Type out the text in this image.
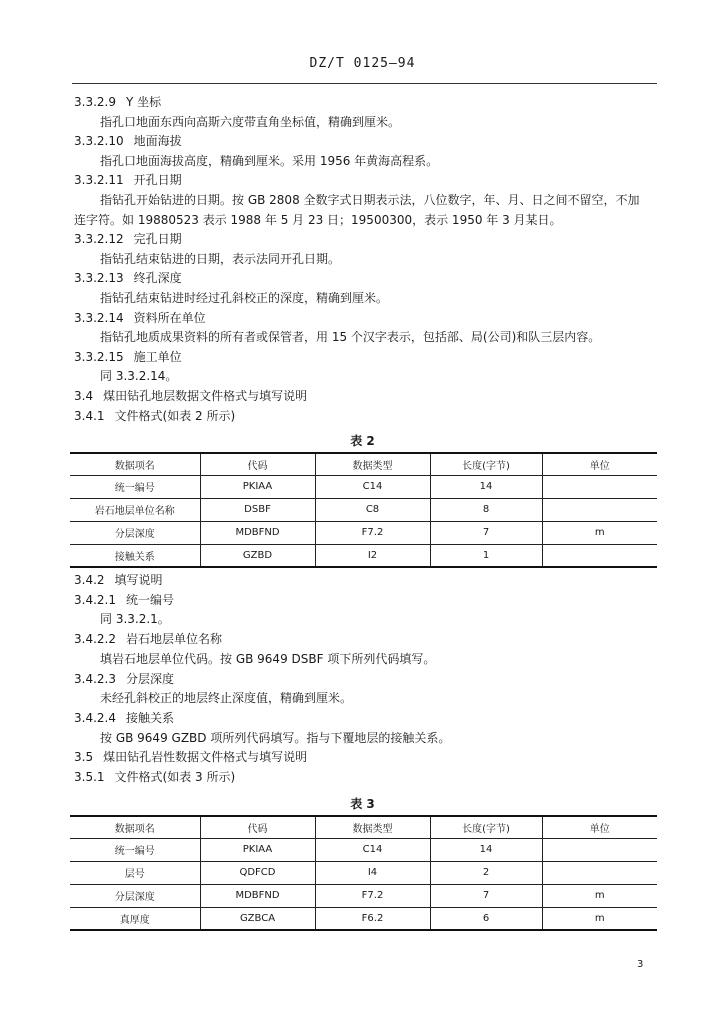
DZ/T 0125—94
3.3.2.9 Y 坐标
指孔口地面东西向高斯六度带直角坐标值，精确到厘米。
3.3.2.10 地面海拔
指孔口地面海拔高度，精确到厘米。采用 1956 年黄海高程系。
3.3.2.11 开孔日期
指钻孔开始钻进的日期。按 GB 2808 全数字式日期表示法，八位数字，年、月、日之间不留空，不加
连字符。如 19880523 表示 1988 年 5 月 23 日；19500300，表示 1950 年 3 月某日。
3.3.2.12 完孔日期
指钻孔结束钻进的日期，表示法同开孔日期。
3.3.2.13 终孔深度
指钻孔结束钻进时经过孔斜校正的深度，精确到厘米。
3.3.2.14 资料所在单位
指钻孔地质成果资料的所有者或保管者，用 15 个汉字表示，包括部、局(公司)和队三层内容。
3.3.2.15 施工单位
同 3.3.2.14。
3.4 煤田钻孔地层数据文件格式与填写说明
3.4.1 文件格式(如表 2 所示)
表 2
数据项名	代码	数据类型	长度(字节)	单位
统一编号	PKIAA	C14	14	
岩石地层单位名称	DSBF	C8	8	
分层深度	MDBFND	F7.2	7	m
接触关系	GZBD	I2	1	
3.4.2 填写说明
3.4.2.1 统一编号
同 3.3.2.1。
3.4.2.2 岩石地层单位名称
填岩石地层单位代码。按 GB 9649 DSBF 项下所列代码填写。
3.4.2.3 分层深度
未经孔斜校正的地层终止深度值，精确到厘米。
3.4.2.4 接触关系
按 GB 9649 GZBD 项所列代码填写。指与下覆地层的接触关系。
3.5 煤田钻孔岩性数据文件格式与填写说明
3.5.1 文件格式(如表 3 所示)
表 3
数据项名	代码	数据类型	长度(字节)	单位
统一编号	PKIAA	C14	14	
层号	QDFCD	I4	2	
分层深度	MDBFND	F7.2	7	m
真厚度	GZBCA	F6.2	6	m
3
